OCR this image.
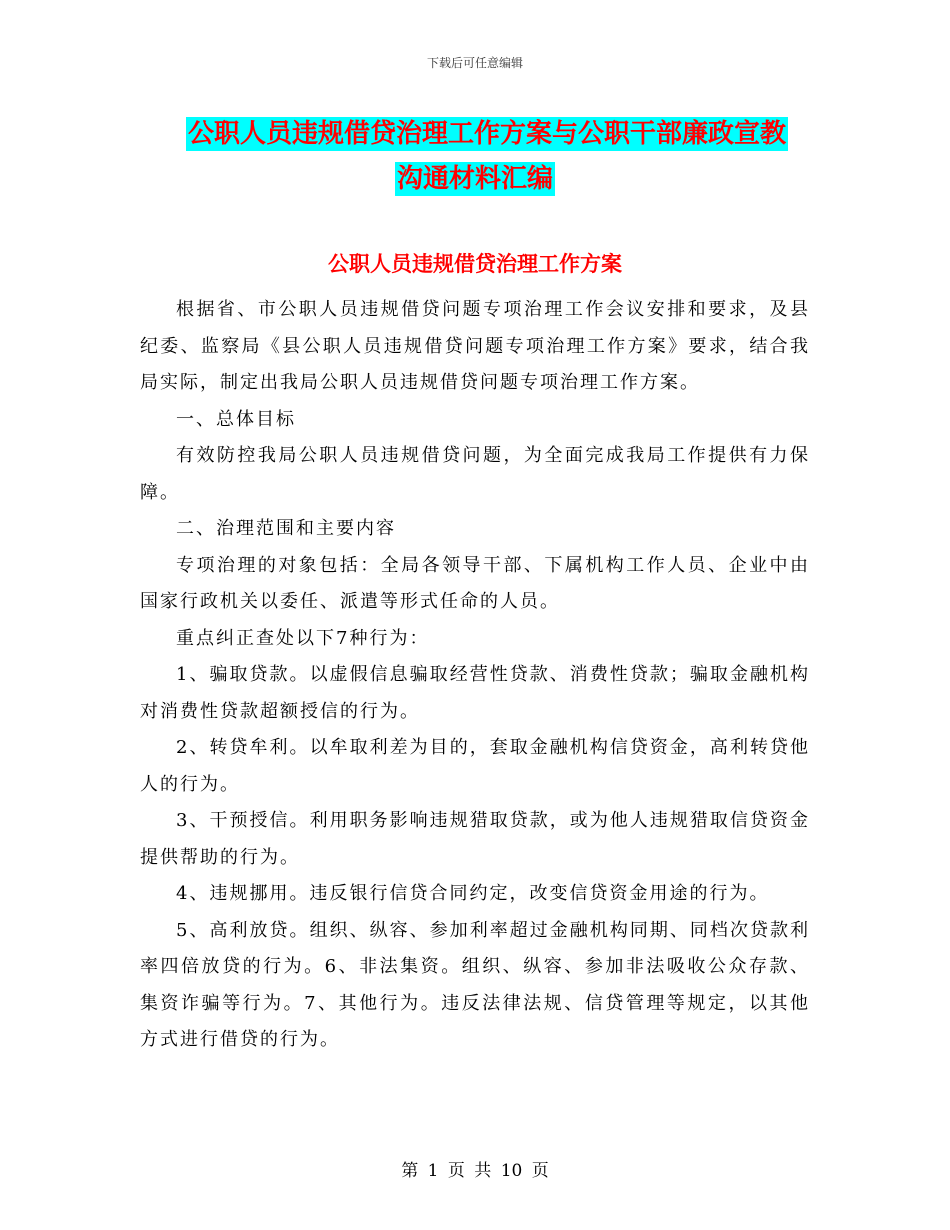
下载后可任意编辑
公职人员违规借贷治理工作方案与公职干部廉政宣教
沟通材料汇编
公职人员违规借贷治理工作方案

根据省、市公职人员违规借贷问题专项治理工作会议安排和要求，及县纪委、监察局《县公职人员违规借贷问题专项治理工作方案》要求，结合我局实际，制定出我局公职人员违规借贷问题专项治理工作方案。

一、总体目标

有效防控我局公职人员违规借贷问题，为全面完成我局工作提供有力保障。

二、治理范围和主要内容

专项治理的对象包括：全局各领导干部、下属机构工作人员、企业中由国家行政机关以委任、派遣等形式任命的人员。

重点纠正查处以下7种行为：

1、骗取贷款。以虚假信息骗取经营性贷款、消费性贷款；骗取金融机构对消费性贷款超额授信的行为。

2、转贷牟利。以牟取利差为目的，套取金融机构信贷资金，高利转贷他人的行为。

3、干预授信。利用职务影响违规猎取贷款，或为他人违规猎取信贷资金提供帮助的行为。

4、违规挪用。违反银行信贷合同约定，改变信贷资金用途的行为。

5、高利放贷。组织、纵容、参加利率超过金融机构同期、同档次贷款利率四倍放贷的行为。6、非法集资。组织、纵容、参加非法吸收公众存款、集资诈骗等行为。7、其他行为。违反法律法规、信贷管理等规定，以其他方式进行借贷的行为。

第 1 页 共 10 页
